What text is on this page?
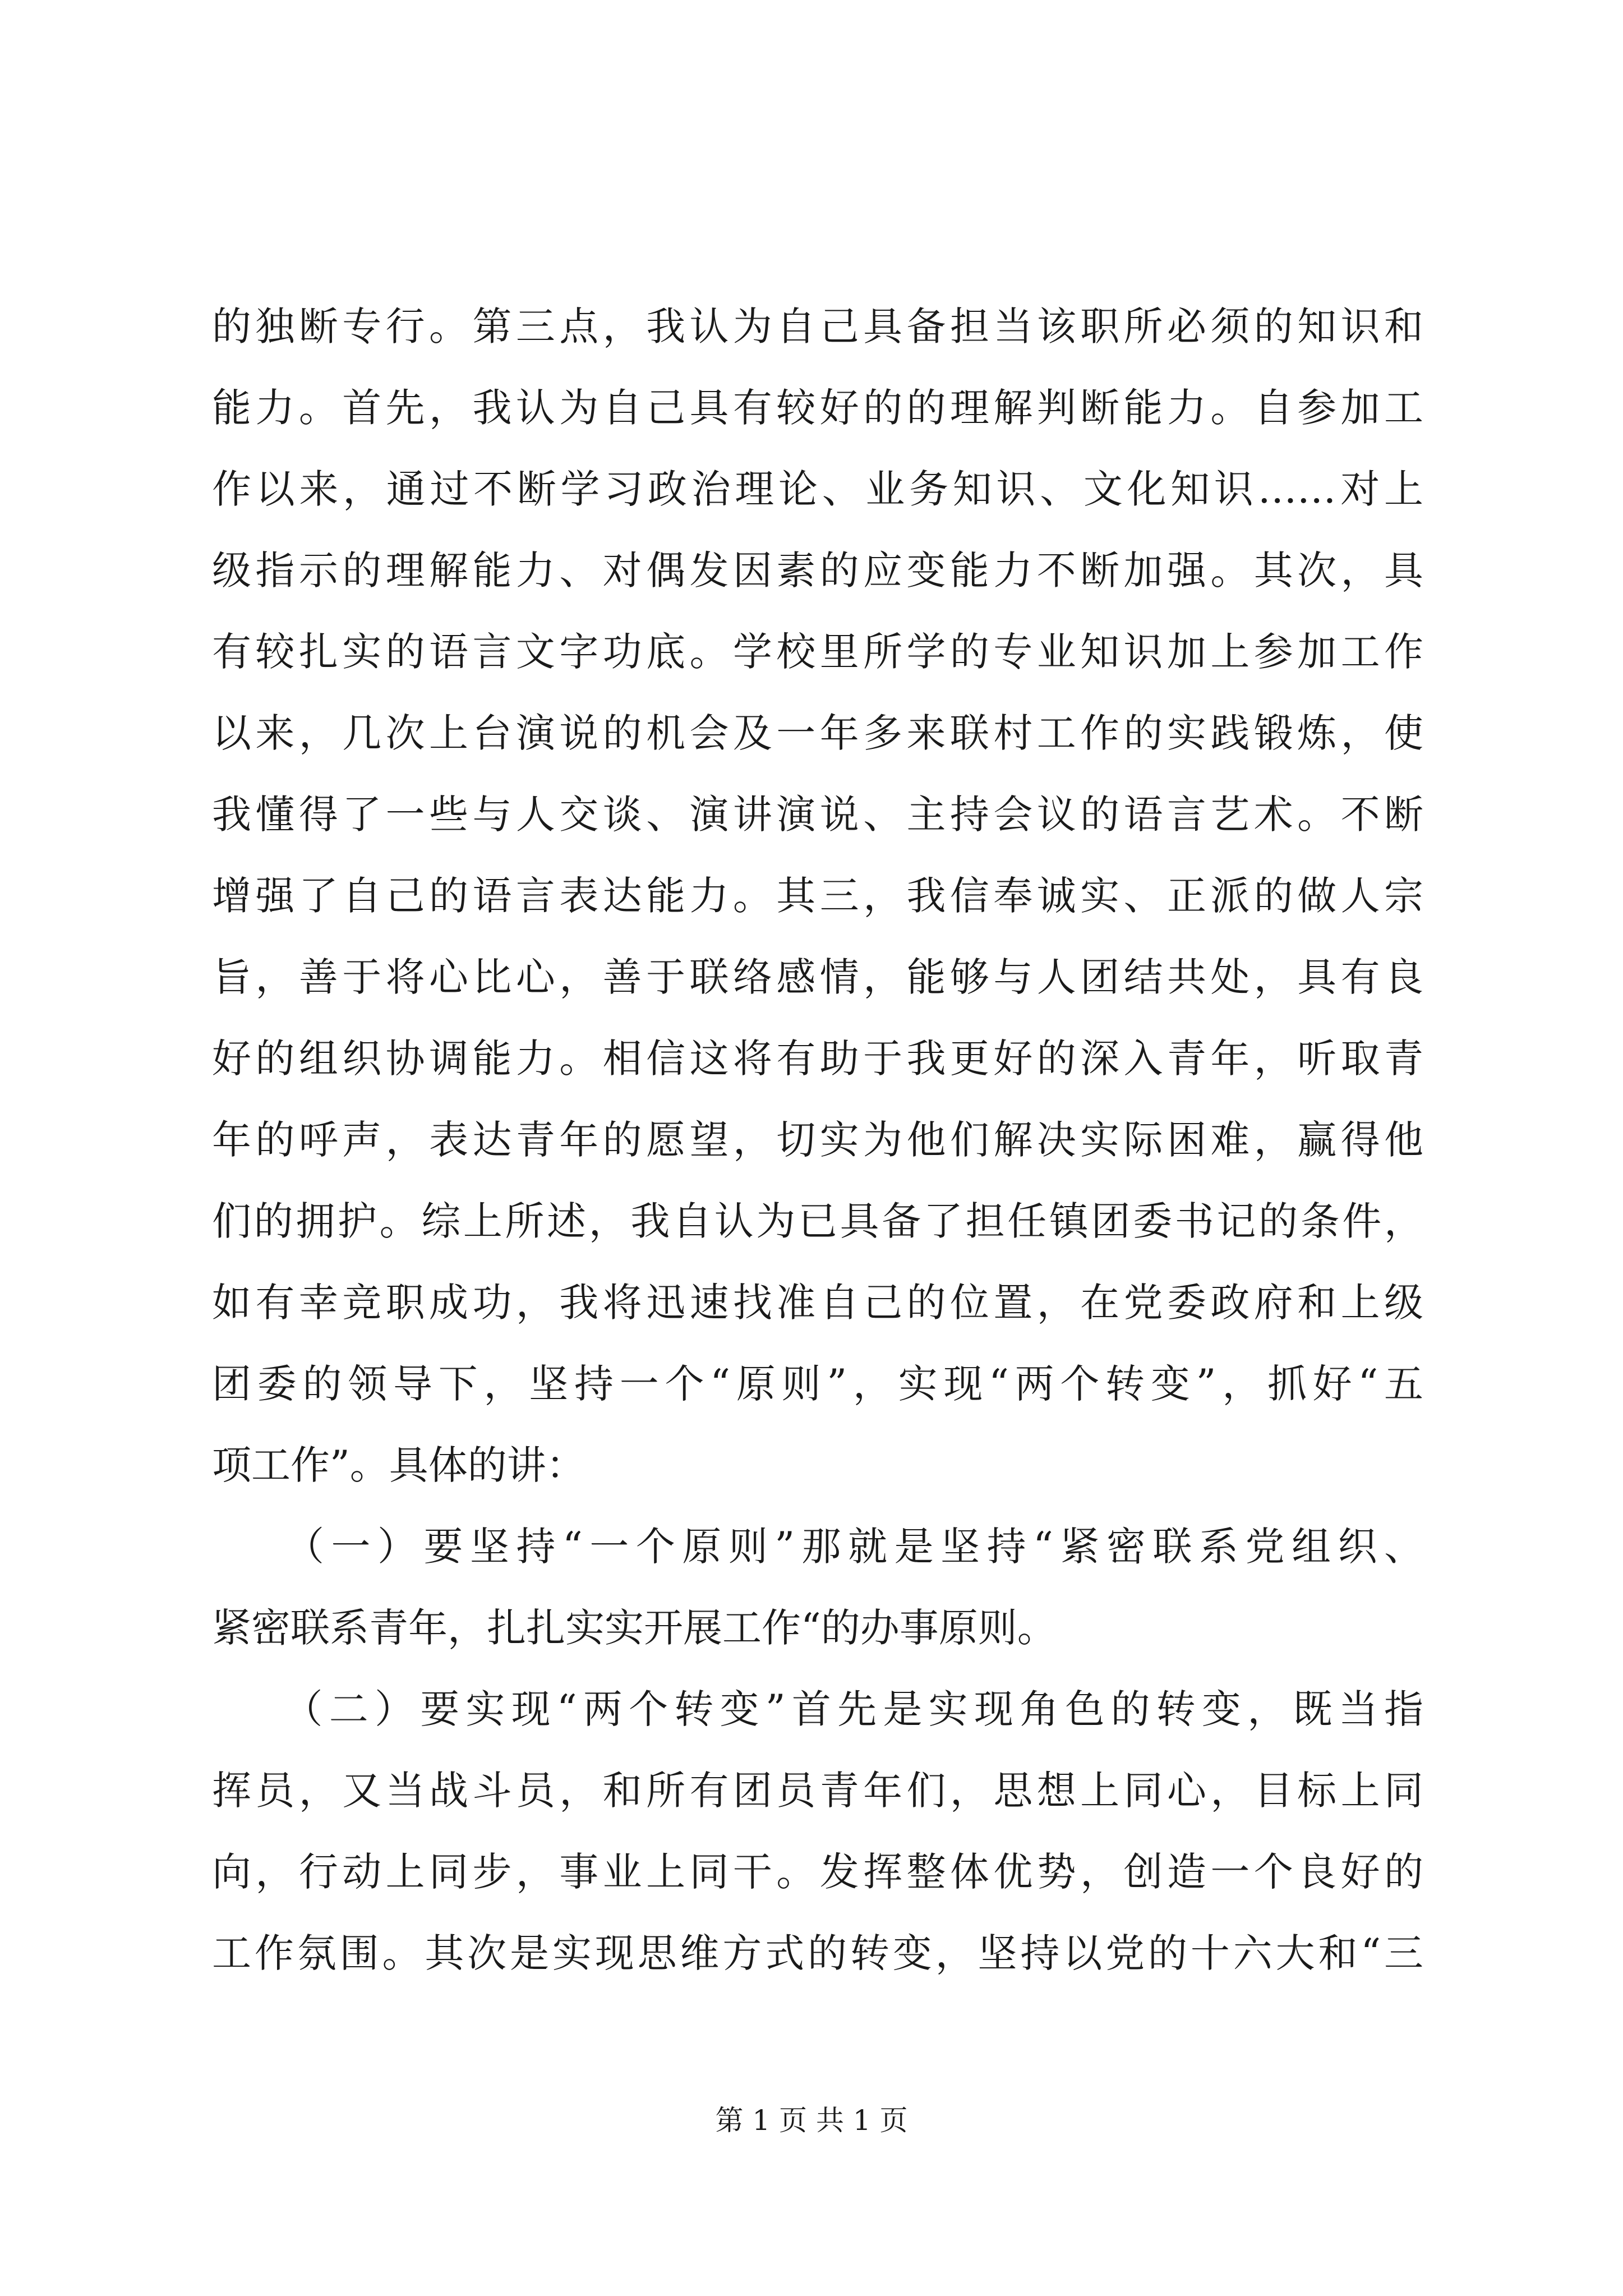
的独断专行。第三点，我认为自己具备担当该职所必须的知识和
能力。首先，我认为自己具有较好的的理解判断能力。自参加工
作以来，通过不断学习政治理论、业务知识、文化知识……对上
级指示的理解能力、对偶发因素的应变能力不断加强。其次，具
有较扎实的语言文字功底。学校里所学的专业知识加上参加工作
以来，几次上台演说的机会及一年多来联村工作的实践锻炼，使
我懂得了一些与人交谈、演讲演说、主持会议的语言艺术。不断
增强了自己的语言表达能力。其三，我信奉诚实、正派的做人宗
旨，善于将心比心，善于联络感情，能够与人团结共处，具有良
好的组织协调能力。相信这将有助于我更好的深入青年，听取青
年的呼声，表达青年的愿望，切实为他们解决实际困难，赢得他
们的拥护。综上所述，我自认为已具备了担任镇团委书记的条件，
如有幸竞职成功，我将迅速找准自己的位置，在党委政府和上级
团委的领导下，坚持一个“原则”，实现“两个转变”，抓好“五
项工作”。具体的讲：
　　（一）要坚持“一个原则”那就是坚持“紧密联系党组织、
紧密联系青年，扎扎实实开展工作“的办事原则。
　　（二）要实现“两个转变”首先是实现角色的转变，既当指
挥员，又当战斗员，和所有团员青年们，思想上同心，目标上同
向，行动上同步，事业上同干。发挥整体优势，创造一个良好的
工作氛围。其次是实现思维方式的转变，坚持以党的十六大和“三
第 1 页 共 1 页
